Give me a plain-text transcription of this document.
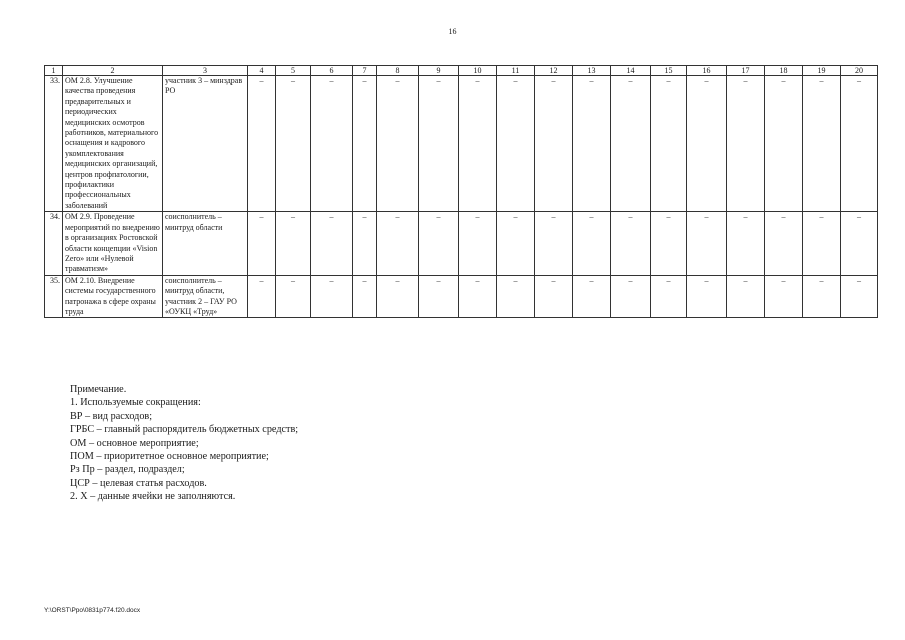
16
1	2	3	4	5	6	7	8	9	10	11	12	13	14	15	16	17	18	19	20
33.	ОМ 2.8. Улучшение качества проведения предварительных и периодических медицинских осмотров работников, материального оснащения и кадрового укомплектования медицинских организаций, центров профпатологии, профилактики профессиональных заболеваний	участник 3 – минздрав РО	–	–	–	–	–	–	–	–	–	–	–	–	–	–	–	–	–
34.	ОМ 2.9. Проведение мероприятий по внедрению в организациях Ростовской области концепции «Vision Zero» или «Нулевой травматизм»	соисполнитель – минтруд области	–	–	–	–	–	–	–	–	–	–	–	–	–	–	–	–	–
35.	ОМ 2.10. Внедрение системы государственного патронажа в сфере охраны труда	соисполнитель – минтруд области, участник 2 – ГАУ РО «ОУКЦ «Труд»	–	–	–	–	–	–	–	–	–	–	–	–	–	–	–	–	–
Примечание.
1. Используемые сокращения:
ВР – вид расходов;
ГРБС – главный распорядитель бюджетных средств;
ОМ – основное мероприятие;
ПОМ – приоритетное основное мероприятие;
Рз Пр – раздел, подраздел;
ЦСР – целевая статья расходов.
2. Х – данные ячейки не заполняются.
Y:\ORST\Ppo\0831p774.f20.docx
